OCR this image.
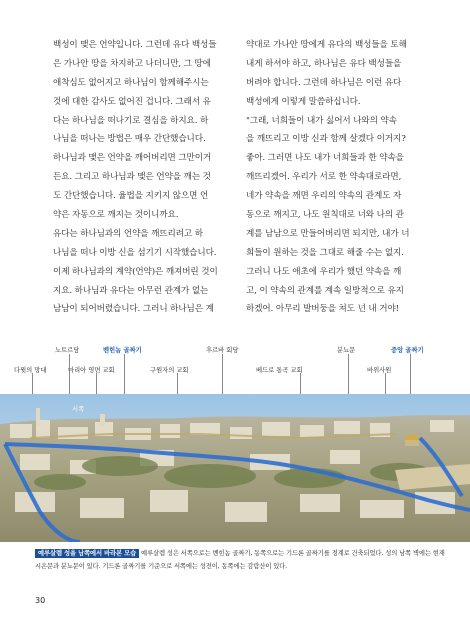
백성이 맺은 언약입니다. 그런데 유다 백성들
은 가나안 땅을 차지하고 나더니만, 그 땅에
애착심도 없어지고 하나님이 함께해주시는
것에 대한 감사도 없어진 겁니다. 그래서 유
다는 하나님을 떠나기로 결심을 하지요. 하
나님을 떠나는 방법은 매우 간단했습니다.
하나님과 맺은 언약을 깨어버리면 그만이거
든요. 그리고 하나님과 맺은 언약을 깨는 것
도 간단했습니다. 율법을 지키지 않으면 언
약은 자동으로 깨지는 것이니까요.
유다는 하나님과의 언약을 깨뜨리려고 하
나님을 떠나 이방 신을 섬기기 시작했습니다.
이제 하나님과의 계약(언약)은 깨져버린 것이
지요. 하나님과 유다는 아무런 관계가 없는
남남이 되어버렸습니다. 그러니 하나님은 계
약대로 가나안 땅에게 유다의 백성들을 토해
내게 하셔야 하고, 하나님은 유다 백성들을
버려야 합니다. 그런데 하나님은 이런 유다
백성에게 이렇게 말씀하십니다.
"그래, 너희들이 내가 싫어서 나와의 약속
을 깨뜨리고 이방 신과 함께 살겠다 이거지?
좋아. 그러면 나도 내가 너희들과 한 약속을
깨뜨리겠어. 우리가 서로 한 약속대로라면,
네가 약속을 깨면 우리의 약속의 관계도 자
동으로 깨지고, 나도 원칙대로 너와 나의 관
계를 남남으로 만들어버리면 되지만, 내가 너
희들이 원하는 것을 그대로 해줄 수는 없지.
그러니 나도 애초에 우리가 했던 약속을 깨
고, 이 약속의 관계를 계속 일방적으로 유지
하겠어. 아무리 발버둥을 쳐도 넌 내 거야!
노트르담	벤힌놈 골짜기	후르바 회당	분뇨문	중앙 골짜기
다윗의 망대	마리아 영면 교회	구원자의 교회	베드로 통곡 교회	바위사원
서쪽
예루살렘 성을 남쪽에서 바라본 모습 예루살렘 성은 서쪽으로는 벤힌놈 골짜기, 동쪽으로는 기드론 골짜기를 경계로 건축되었다. 성의 남쪽 벽에는 현재 시온문과 분뇨문이 있다. 기드론 골짜기를 기준으로 서쪽에는 성전이, 동쪽에는 감람산이 있다.
30
